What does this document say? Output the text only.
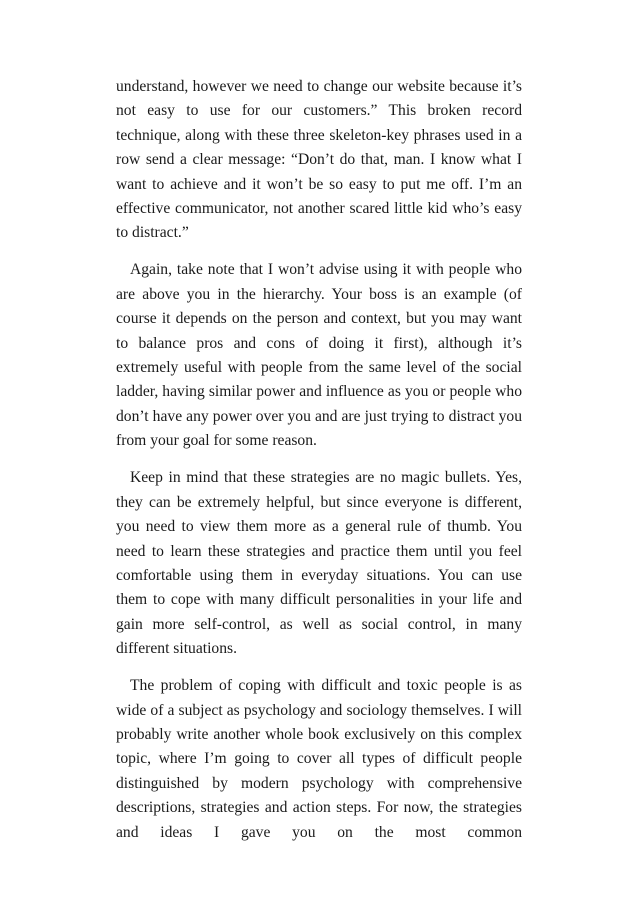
understand, however we need to change our website because it’s not easy to use for our customers.” This broken record technique, along with these three skeleton-key phrases used in a row send a clear message: “Don’t do that, man. I know what I want to achieve and it won’t be so easy to put me off. I’m an effective communicator, not another scared little kid who’s easy to distract.”

Again, take note that I won’t advise using it with people who are above you in the hierarchy. Your boss is an example (of course it depends on the person and context, but you may want to balance pros and cons of doing it first), although it’s extremely useful with people from the same level of the social ladder, having similar power and influence as you or people who don’t have any power over you and are just trying to distract you from your goal for some reason.

Keep in mind that these strategies are no magic bullets. Yes, they can be extremely helpful, but since everyone is different, you need to view them more as a general rule of thumb. You need to learn these strategies and practice them until you feel comfortable using them in everyday situations. You can use them to cope with many difficult personalities in your life and gain more self-control, as well as social control, in many different situations.

The problem of coping with difficult and toxic people is as wide of a subject as psychology and sociology themselves. I will probably write another whole book exclusively on this complex topic, where I’m going to cover all types of difficult people distinguished by modern psychology with comprehensive descriptions, strategies and action steps. For now, the strategies and ideas I gave you on the most common
